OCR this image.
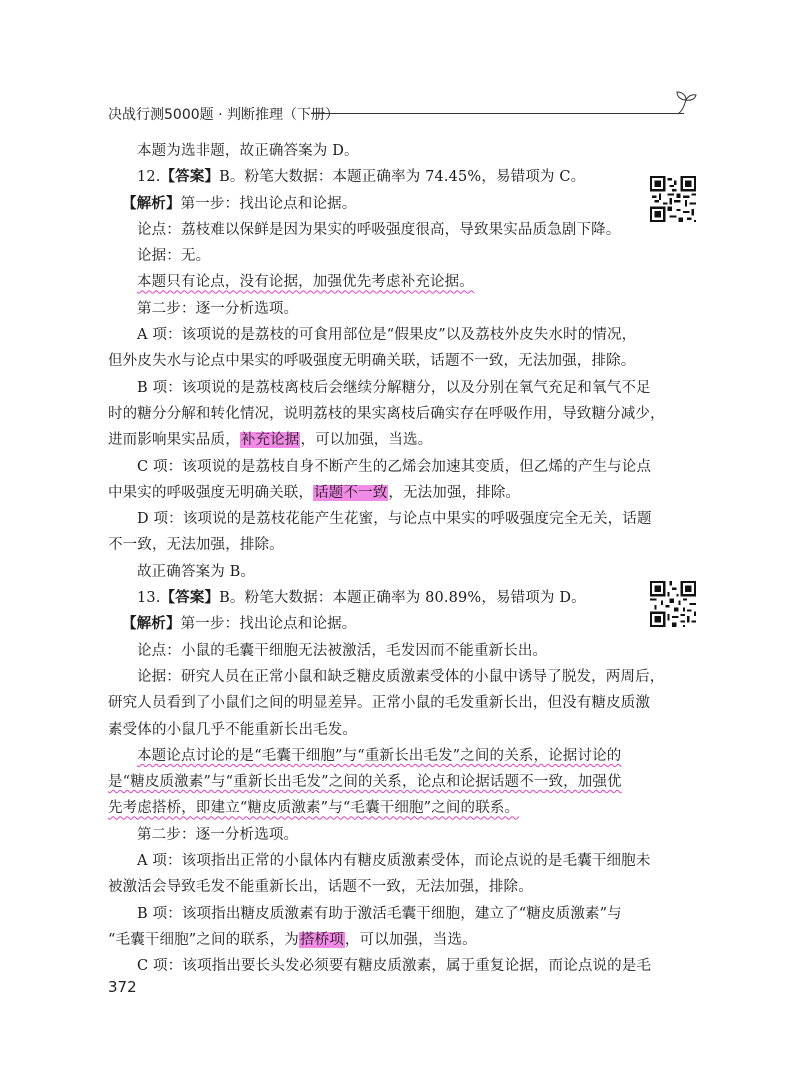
决战行测5000题 · 判断推理（下册）
本题为选非题，故正确答案为 D。
12.【答案】B。粉笔大数据：本题正确率为 74.45%，易错项为 C。
【解析】第一步：找出论点和论据。
论点：荔枝难以保鲜是因为果实的呼吸强度很高，导致果实品质急剧下降。
论据：无。
本题只有论点，没有论据，加强优先考虑补充论据。
第二步：逐一分析选项。
A 项：该项说的是荔枝的可食用部位是“假果皮”以及荔枝外皮失水时的情况，
但外皮失水与论点中果实的呼吸强度无明确关联，话题不一致，无法加强，排除。
B 项：该项说的是荔枝离枝后会继续分解糖分，以及分别在氧气充足和氧气不足
时的糖分分解和转化情况，说明荔枝的果实离枝后确实存在呼吸作用，导致糖分减少，
进而影响果实品质，补充论据，可以加强，当选。
C 项：该项说的是荔枝自身不断产生的乙烯会加速其变质，但乙烯的产生与论点
中果实的呼吸强度无明确关联，话题不一致，无法加强，排除。
D 项：该项说的是荔枝花能产生花蜜，与论点中果实的呼吸强度完全无关，话题
不一致，无法加强，排除。
故正确答案为 B。
13.【答案】B。粉笔大数据：本题正确率为 80.89%，易错项为 D。
【解析】第一步：找出论点和论据。
论点：小鼠的毛囊干细胞无法被激活，毛发因而不能重新长出。
论据：研究人员在正常小鼠和缺乏糖皮质激素受体的小鼠中诱导了脱发，两周后，
研究人员看到了小鼠们之间的明显差异。正常小鼠的毛发重新长出，但没有糖皮质激
素受体的小鼠几乎不能重新长出毛发。
本题论点讨论的是“毛囊干细胞”与“重新长出毛发”之间的关系，论据讨论的
是“糖皮质激素”与“重新长出毛发”之间的关系，论点和论据话题不一致，加强优
先考虑搭桥，即建立“糖皮质激素”与“毛囊干细胞”之间的联系。
第二步：逐一分析选项。
A 项：该项指出正常的小鼠体内有糖皮质激素受体，而论点说的是毛囊干细胞未
被激活会导致毛发不能重新长出，话题不一致，无法加强，排除。
B 项：该项指出糖皮质激素有助于激活毛囊干细胞，建立了“糖皮质激素”与
“毛囊干细胞”之间的联系，为搭桥项，可以加强，当选。
C 项：该项指出要长头发必须要有糖皮质激素，属于重复论据，而论点说的是毛
372
